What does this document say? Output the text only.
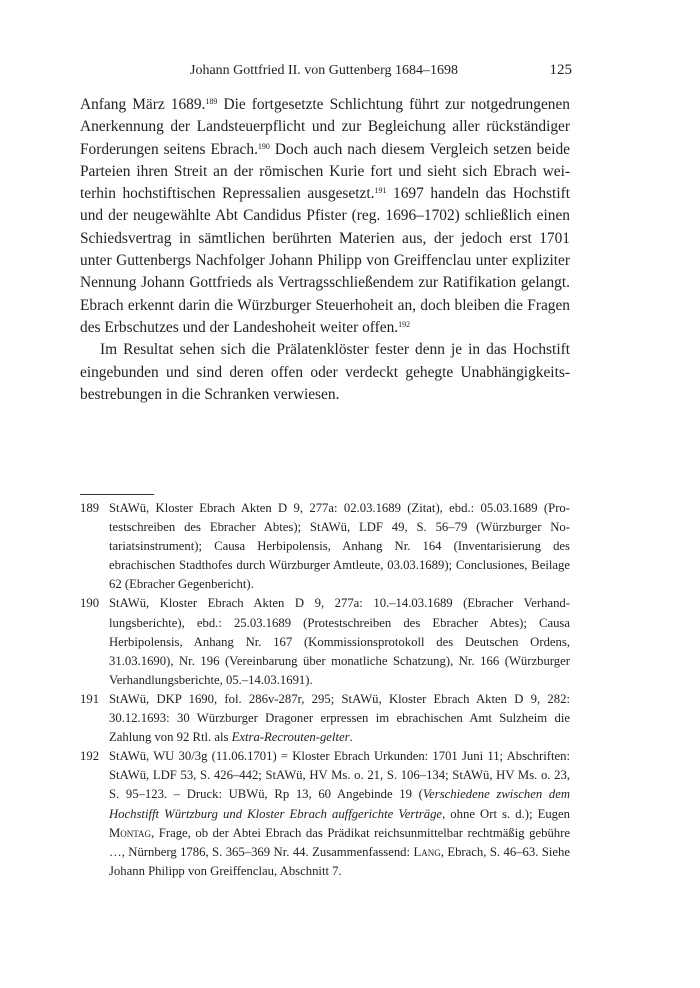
Johann Gottfried II. von Guttenberg 1684–1698	125

Anfang März 1689.$^{189}$ Die fortgesetzte Schlichtung führt zur notgedrungenen Anerkennung der Landsteuerpflicht und zur Begleichung aller rückständiger Forderungen seitens Ebrach.$^{190}$ Doch auch nach diesem Vergleich setzen beide Parteien ihren Streit an der römischen Kurie fort und sieht sich Ebrach weiterhin hochstiftischen Repressalien ausgesetzt.$^{191}$ 1697 handeln das Hochstift und der neugewählte Abt Candidus Pfister (reg. 1696–1702) schließlich einen Schiedsvertrag in sämtlichen berührten Materien aus, der jedoch erst 1701 unter Guttenbergs Nachfolger Johann Philipp von Greiffenclau unter expliziter Nennung Johann Gottfrieds als Vertragsschließendem zur Ratifikation gelangt. Ebrach erkennt darin die Würzburger Steuerhoheit an, doch bleiben die Fragen des Erbschutzes und der Landeshoheit weiter offen.$^{192}$

Im Resultat sehen sich die Prälatenklöster fester denn je in das Hochstift eingebunden und sind deren offen oder verdeckt gehegte Unabhängigkeitsbestrebungen in die Schranken verwiesen.

189 StAWü, Kloster Ebrach Akten D 9, 277a: 02.03.1689 (Zitat), ebd.: 05.03.1689 (Protestschreiben des Ebracher Abtes); StAWü, LDF 49, S. 56–79 (Würzburger Notariatsinstrument); Causa Herbipolensis, Anhang Nr. 164 (Inventarisierung des ebrachischen Stadthofes durch Würzburger Amtleute, 03.03.1689); Conclusiones, Beilage 62 (Ebracher Gegenbericht).
190 StAWü, Kloster Ebrach Akten D 9, 277a: 10.–14.03.1689 (Ebracher Verhandlungsberichte), ebd.: 25.03.1689 (Protestschreiben des Ebracher Abtes); Causa Herbipolensis, Anhang Nr. 167 (Kommissionsprotokoll des Deutschen Ordens, 31.03.1690), Nr. 196 (Vereinbarung über monatliche Schatzung), Nr. 166 (Würzburger Verhandlungsberichte, 05.–14.03.1691).
191 StAWü, DKP 1690, fol. 286v-287r, 295; StAWü, Kloster Ebrach Akten D 9, 282: 30.12.1693: 30 Würzburger Dragoner erpressen im ebrachischen Amt Sulzheim die Zahlung von 92 Rtl. als Extra-Recrouten-gelter.
192 StAWü, WU 30/3g (11.06.1701) = Kloster Ebrach Urkunden: 1701 Juni 11; Abschriften: StAWü, LDF 53, S. 426–442; StAWü, HV Ms. o. 21, S. 106–134; StAWü, HV Ms. o. 23, S. 95–123. – Druck: UBWü, Rp 13, 60 Angebinde 19 (Verschiedene zwischen dem Hochstifft Würtzburg und Kloster Ebrach auffgerichte Verträge, ohne Ort s. d.); Eugen Montag, Frage, ob der Abtei Ebrach das Prädikat reichsunmittelbar rechtmäßig gebühre …, Nürnberg 1786, S. 365–369 Nr. 44. Zusammenfassend: Lang, Ebrach, S. 46–63. Siehe Johann Philipp von Greiffenclau, Abschnitt 7.
